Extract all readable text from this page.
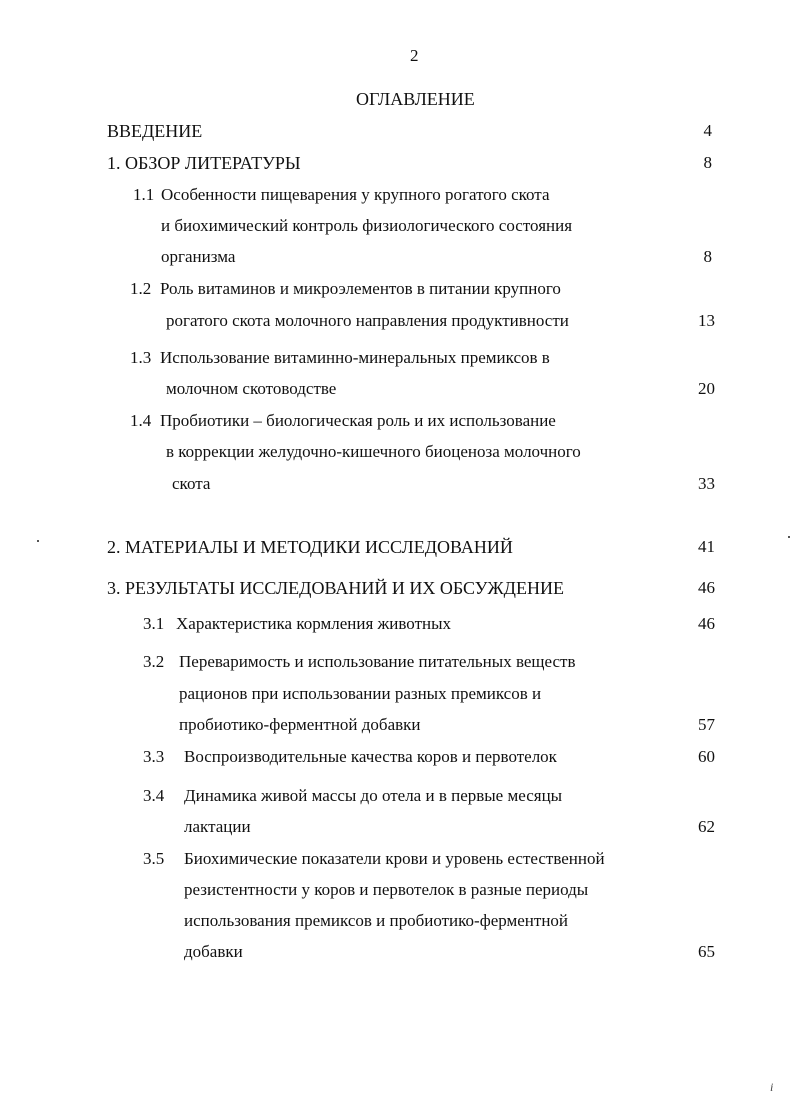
2
ОГЛАВЛЕНИЕ
ВВЕДЕНИЕ	4
1. ОБЗОР ЛИТЕРАТУРЫ	8
1.1 Особенности пищеварения у крупного рогатого скота
и биохимический контроль физиологического состояния
организма	8
1.2 Роль витаминов и микроэлементов в питании крупного
рогатого скота молочного направления продуктивности	13
1.3 Использование витаминно-минеральных премиксов в
молочном скотоводстве	20
1.4 Пробиотики – биологическая роль и их использование
в коррекции желудочно-кишечного биоценоза молочного
скота	33
2. МАТЕРИАЛЫ И МЕТОДИКИ ИССЛЕДОВАНИЙ	41
3. РЕЗУЛЬТАТЫ ИССЛЕДОВАНИЙ И ИХ ОБСУЖДЕНИЕ	46
3.1 Характеристика кормления животных	46
3.2 Переваримость и использование питательных веществ
рационов при использовании разных премиксов и
пробиотико-ферментной добавки	57
3.3 Воспроизводительные качества коров и первотелок	60
3.4 Динамика живой массы до отела и в первые месяцы
лактации	62
3.5 Биохимические показатели крови и уровень естественной
резистентности у коров и первотелок в разные периоды
использования премиксов и пробиотико-ферментной
добавки	65
i
